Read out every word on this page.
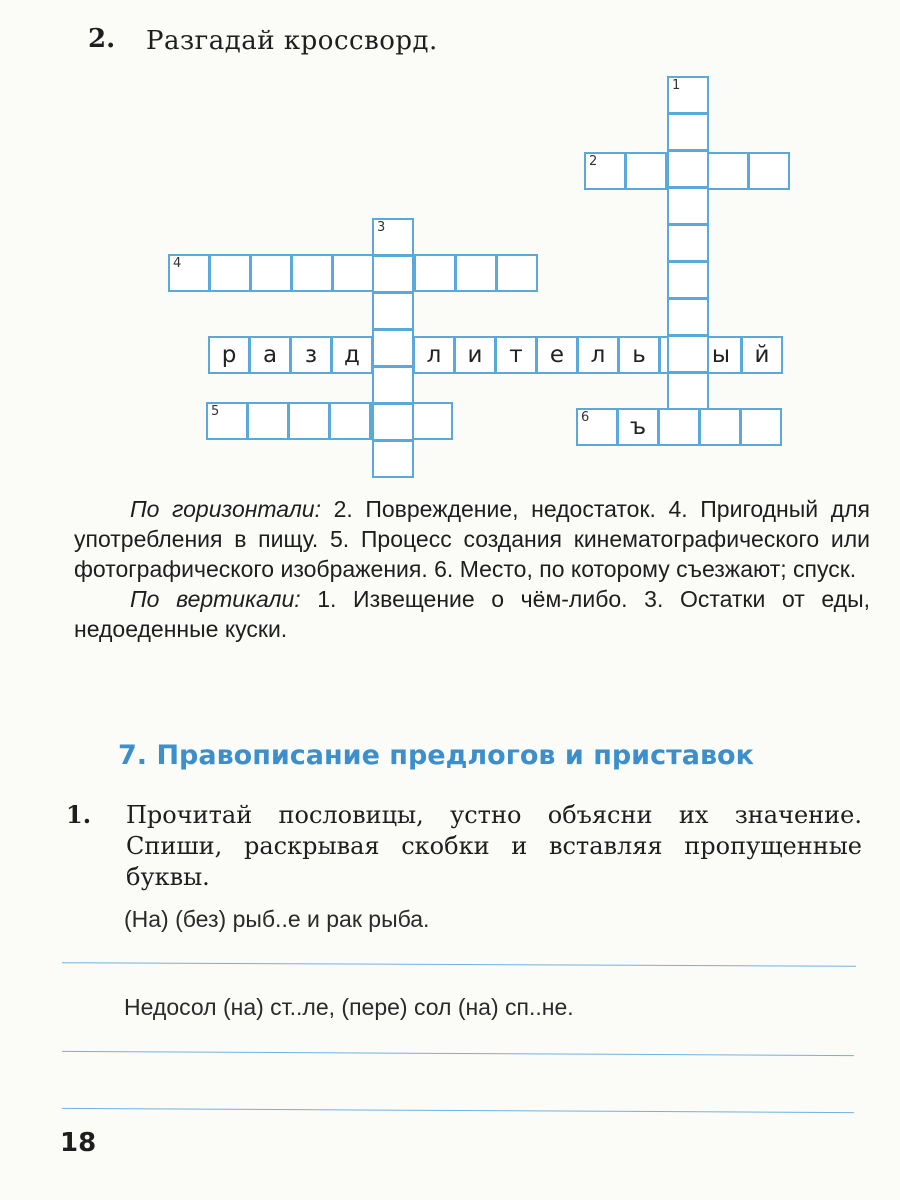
2. Разгадай кроссворд.
р	а	з	д	л	и	т	е	л	ь	ы	й
4
2
5	6	ъ
1
3

По горизонтали: 2. Повреждение, недостаток. 4. Пригодный для употребления в пищу. 5. Процесс создания кинематографического или фотографического изображения. 6. Место, по которому съезжают; спуск.

По вертикали: 1. Извещение о чём-либо. 3. Остатки от еды, недоеденные куски.

7. Правописание предлогов и приставок
1. Прочитай пословицы, устно объясни их значение. Спиши, раскрывая скобки и вставляя пропущенные буквы.
(На) (без) рыб..е и рак рыба.
Недосол (на) ст..ле, (пере) сол (на) сп..не.
18
